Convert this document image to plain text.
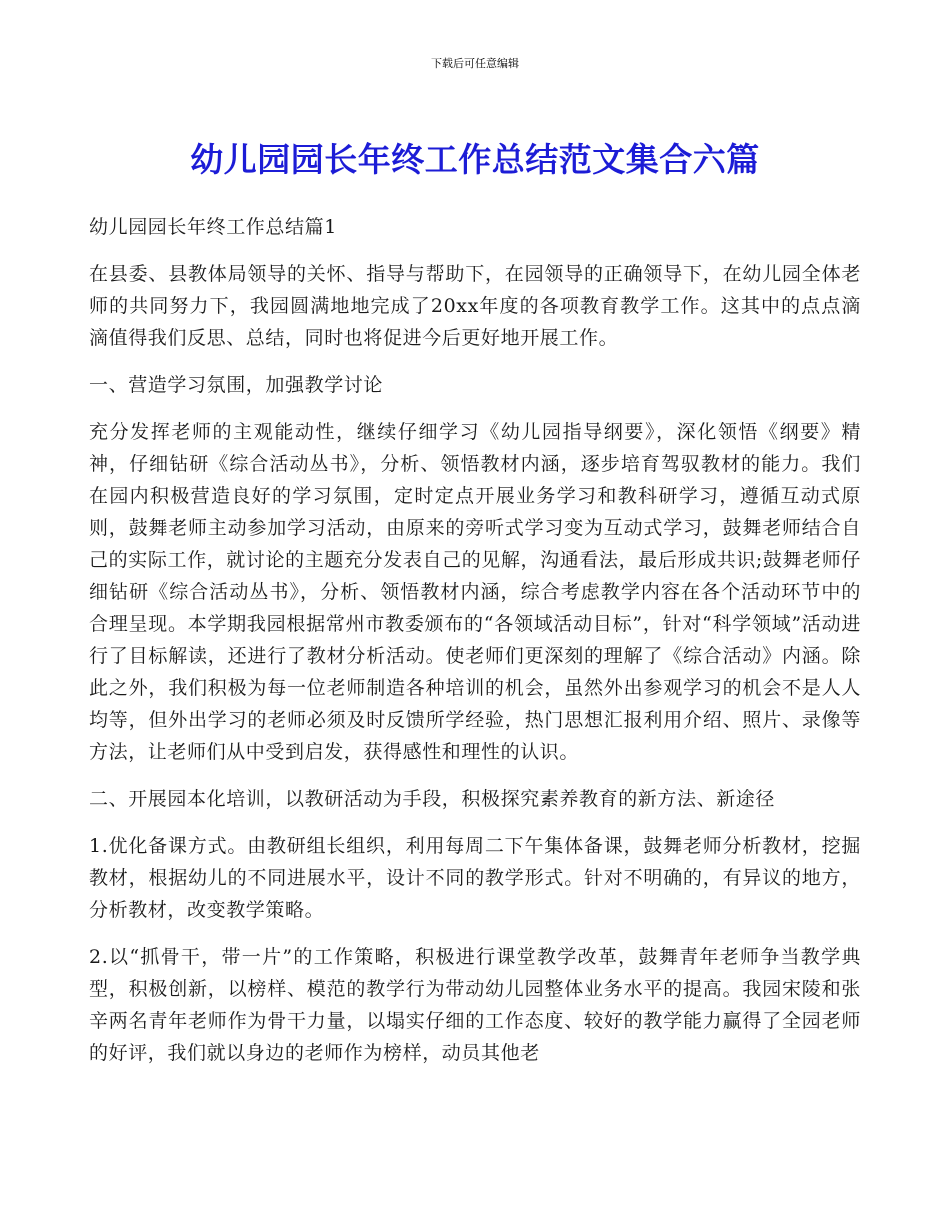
下载后可任意编辑
幼儿园园长年终工作总结范文集合六篇

幼儿园园长年终工作总结篇1

在县委、县教体局领导的关怀、指导与帮助下，在园领导的正确领导下，在幼儿园全体老师的共同努力下，我园圆满地地完成了20xx年度的各项教育教学工作。这其中的点点滴滴值得我们反思、总结，同时也将促进今后更好地开展工作。

一、营造学习氛围，加强教学讨论

充分发挥老师的主观能动性，继续仔细学习《幼儿园指导纲要》，深化领悟《纲要》精神，仔细钻研《综合活动丛书》，分析、领悟教材内涵，逐步培育驾驭教材的能力。我们在园内积极营造良好的学习氛围，定时定点开展业务学习和教科研学习，遵循互动式原则，鼓舞老师主动参加学习活动，由原来的旁听式学习变为互动式学习，鼓舞老师结合自己的实际工作，就讨论的主题充分发表自己的见解，沟通看法，最后形成共识;鼓舞老师仔细钻研《综合活动丛书》，分析、领悟教材内涵，综合考虑教学内容在各个活动环节中的合理呈现。本学期我园根据常州市教委颁布的“各领域活动目标”，针对“科学领域”活动进行了目标解读，还进行了教材分析活动。使老师们更深刻的理解了《综合活动》内涵。除此之外，我们积极为每一位老师制造各种培训的机会，虽然外出参观学习的机会不是人人均等，但外出学习的老师必须及时反馈所学经验，热门思想汇报利用介绍、照片、录像等方法，让老师们从中受到启发，获得感性和理性的认识。

二、开展园本化培训，以教研活动为手段，积极探究素养教育的新方法、新途径

1.优化备课方式。由教研组长组织，利用每周二下午集体备课，鼓舞老师分析教材，挖掘教材，根据幼儿的不同进展水平，设计不同的教学形式。针对不明确的，有异议的地方，分析教材，改变教学策略。

2.以“抓骨干，带一片”的工作策略，积极进行课堂教学改革，鼓舞青年老师争当教学典型，积极创新，以榜样、模范的教学行为带动幼儿园整体业务水平的提高。我园宋陵和张辛两名青年老师作为骨干力量，以塌实仔细的工作态度、较好的教学能力赢得了全园老师的好评，我们就以身边的老师作为榜样，动员其他老
